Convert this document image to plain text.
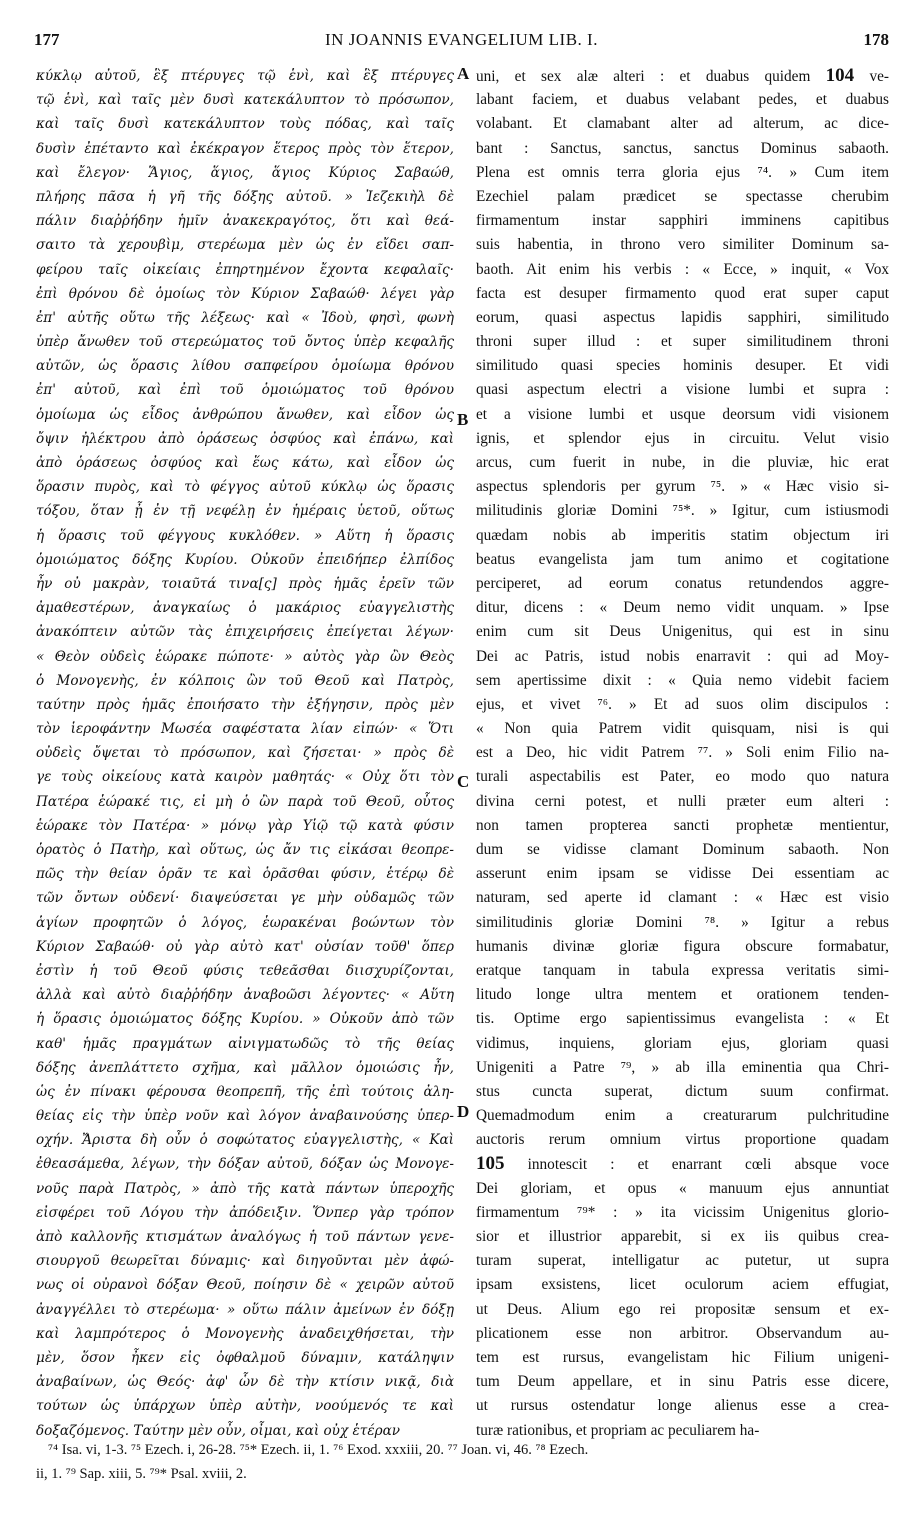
177	IN JOANNIS EVANGELIUM LIB. I.	178
κύκλῳ αὐτοῦ, ἓξ πτέρυγες τῷ ἑνὶ, καὶ ἓξ πτέρυγες
τῷ ἑνὶ, καὶ ταῖς μὲν δυσὶ κατεκάλυπτον τὸ πρόσωπον,
καὶ ταῖς δυσὶ κατεκάλυπτον τοὺς πόδας, καὶ ταῖς
δυσὶν ἐπέταντο καὶ ἐκέκραγον ἕτερος πρὸς τὸν ἕτερον,
καὶ ἔλεγον· Ἅγιος, ἅγιος, ἅγιος Κύριος Σαβαώθ,
πλήρης πᾶσα ἡ γῆ τῆς δόξης αὐτοῦ. » Ἰεζεκιὴλ δὲ
πάλιν διαῤῥήδην ἡμῖν ἀνακεκραγότος, ὅτι καὶ θεά-
σαιτο τὰ χερουβὶμ, στερέωμα μὲν ὡς ἐν εἴδει σαπ-
φείρου ταῖς οἰκείαις ἐπηρτημένον ἔχοντα κεφαλαῖς·
ἐπὶ θρόνου δὲ ὁμοίως τὸν Κύριον Σαβαώθ· λέγει γὰρ
ἐπ' αὐτῆς οὕτω τῆς λέξεως· καὶ « Ἰδοὺ, φησὶ, φωνὴ
ὑπὲρ ἄνωθεν τοῦ στερεώματος τοῦ ὄντος ὑπὲρ κεφαλῆς
αὐτῶν, ὡς ὅρασις λίθου σαπφείρου ὁμοίωμα θρόνου
ἐπ' αὐτοῦ, καὶ ἐπὶ τοῦ ὁμοιώματος τοῦ θρόνου
ὁμοίωμα ὡς εἶδος ἀνθρώπου ἄνωθεν, καὶ εἶδον ὡς
ὄψιν ἠλέκτρου ἀπὸ ὁράσεως ὀσφύος καὶ ἐπάνω, καὶ
ἀπὸ ὁράσεως ὀσφύος καὶ ἕως κάτω, καὶ εἶδον ὡς
ὅρασιν πυρὸς, καὶ τὸ φέγγος αὐτοῦ κύκλῳ ὡς ὅρασις
τόξου, ὅταν ᾖ ἐν τῇ νεφέλῃ ἐν ἡμέραις ὑετοῦ, οὕτως
ἡ ὅρασις τοῦ φέγγους κυκλόθεν. » Αὕτη ἡ ὅρασις
ὁμοιώματος δόξης Κυρίου. Οὐκοῦν ἐπειδήπερ ἐλπίδος
ἦν οὐ μακρὰν, τοιαῦτά τινα[ς] πρὸς ἡμᾶς ἐρεῖν τῶν
ἀμαθεστέρων, ἀναγκαίως ὁ μακάριος εὐαγγελιστὴς
ἀνακόπτειν αὐτῶν τὰς ἐπιχειρήσεις ἐπείγεται λέγων·
« Θεὸν οὐδεὶς ἑώρακε πώποτε· » αὐτὸς γὰρ ὢν Θεὸς
ὁ Μονογενὴς, ἐν κόλποις ὢν τοῦ Θεοῦ καὶ Πατρὸς,
ταύτην πρὸς ἡμᾶς ἐποιήσατο τὴν ἐξήγησιν, πρὸς μὲν
τὸν ἱεροφάντην Μωσέα σαφέστατα λίαν εἰπών· « Ὅτι
οὐδεὶς ὄψεται τὸ πρόσωπον, καὶ ζήσεται· » πρὸς δὲ
γε τοὺς οἰκείους κατὰ καιρὸν μαθητάς· « Οὐχ ὅτι τὸν
Πατέρα ἑώρακέ τις, εἰ μὴ ὁ ὢν παρὰ τοῦ Θεοῦ, οὗτος
ἑώρακε τὸν Πατέρα· » μόνῳ γὰρ Υἱῷ τῷ κατὰ φύσιν
ὁρατὸς ὁ Πατὴρ, καὶ οὕτως, ὡς ἄν τις εἰκάσαι θεοπρε-
πῶς τὴν θείαν ὁρᾶν τε καὶ ὁρᾶσθαι φύσιν, ἑτέρῳ δὲ
τῶν ὄντων οὐδενί· διαψεύσεται γε μὴν οὐδαμῶς τῶν
ἁγίων προφητῶν ὁ λόγος, ἑωρακέναι βοώντων τὸν
Κύριον Σαβαώθ· οὐ γὰρ αὐτὸ κατ' οὐσίαν τοῦθ' ὅπερ
ἐστὶν ἡ τοῦ Θεοῦ φύσις τεθεᾶσθαι διισχυρίζονται,
ἀλλὰ καὶ αὐτὸ διαῤῥήδην ἀναβοῶσι λέγοντες· « Αὕτη
ἡ ὅρασις ὁμοιώματος δόξης Κυρίου. » Οὐκοῦν ἀπὸ τῶν
καθ' ἡμᾶς πραγμάτων αἰνιγματωδῶς τὸ τῆς θείας
δόξης ἀνεπλάττετο σχῆμα, καὶ μᾶλλον ὁμοιώσις ἦν,
ὡς ἐν πίνακι φέρουσα θεοπρεπῆ, τῆς ἐπὶ τούτοις ἀλη-
θείας εἰς τὴν ὑπὲρ νοῦν καὶ λόγον ἀναβαινούσης ὑπερ-
οχήν. Ἄριστα δὴ οὖν ὁ σοφώτατος εὐαγγελιστὴς, « Καὶ
ἐθεασάμεθα, λέγων, τὴν δόξαν αὐτοῦ, δόξαν ὡς Μονογε-
νοῦς παρὰ Πατρὸς, » ἀπὸ τῆς κατὰ πάντων ὑπεροχῆς
εἰσφέρει τοῦ Λόγου τὴν ἀπόδειξιν. Ὅνπερ γὰρ τρόπον
ἀπὸ καλλονῆς κτισμάτων ἀναλόγως ἡ τοῦ πάντων γενε-
σιουργοῦ θεωρεῖται δύναμις· καὶ διηγοῦνται μὲν ἀφώ-
νως οἱ οὐρανοὶ δόξαν Θεοῦ, ποίησιν δὲ « χειρῶν αὐτοῦ
ἀναγγέλλει τὸ στερέωμα· » οὕτω πάλιν ἀμείνων ἐν δόξῃ
καὶ λαμπρότερος ὁ Μονογενὴς ἀναδειχθήσεται, τὴν
μὲν, ὅσον ἦκεν εἰς ὀφθαλμοῦ δύναμιν, κατάληψιν
ἀναβαίνων, ὡς Θεός· ἀφ' ὧν δὲ τὴν κτίσιν νικᾷ, διὰ
τούτων ὡς ὑπάρχων ὑπὲρ αὐτὴν, νοούμενός τε καὶ
δοξαζόμενος. Ταύτην μὲν οὖν, οἶμαι, καὶ οὐχ ἑτέραν
uni, et sex alæ alteri : et duabus quidem 104 ve-
labant faciem, et duabus velabant pedes, et duabus
volabant. Et clamabant alter ad alterum, ac dice-
bant : Sanctus, sanctus, sanctus Dominus sabaoth.
Plena est omnis terra gloria ejus ⁷⁴. » Cum item
Ezechiel palam prædicet se spectasse cherubim
firmamentum instar sapphiri imminens capitibus
suis habentia, in throno vero similiter Dominum sa-
baoth. Ait enim his verbis : « Ecce, » inquit, « Vox
facta est desuper firmamento quod erat super caput
eorum, quasi aspectus lapidis sapphiri, similitudo
throni super illud : et super similitudinem throni
similitudo quasi species hominis desuper. Et vidi
quasi aspectum electri a visione lumbi et supra :
et a visione lumbi et usque deorsum vidi visionem
ignis, et splendor ejus in circuitu. Velut visio
arcus, cum fuerit in nube, in die pluviæ, hic erat
aspectus splendoris per gyrum ⁷⁵. » « Hæc visio si-
militudinis gloriæ Domini ⁷⁵*. » Igitur, cum istiusmodi
quædam nobis ab imperitis statim objectum iri
beatus evangelista jam tum animo et cogitatione
perciperet, ad eorum conatus retundendos aggre-
ditur, dicens : « Deum nemo vidit unquam. » Ipse
enim cum sit Deus Unigenitus, qui est in sinu
Dei ac Patris, istud nobis enarravit : qui ad Moy-
sem apertissime dixit : « Quia nemo videbit faciem
ejus, et vivet ⁷⁶. » Et ad suos olim discipulos :
« Non quia Patrem vidit quisquam, nisi is qui
est a Deo, hic vidit Patrem ⁷⁷. » Soli enim Filio na-
turali aspectabilis est Pater, eo modo quo natura
divina cerni potest, et nulli præter eum alteri :
non tamen propterea sancti prophetæ mentientur,
dum se vidisse clamant Dominum sabaoth. Non
asserunt enim ipsam se vidisse Dei essentiam ac
naturam, sed aperte id clamant : « Hæc est visio
similitudinis gloriæ Domini ⁷⁸. » Igitur a rebus
humanis divinæ gloriæ figura obscure formabatur,
eratque tanquam in tabula expressa veritatis simi-
litudo longe ultra mentem et orationem tenden-
tis. Optime ergo sapientissimus evangelista : « Et
vidimus, inquiens, gloriam ejus, gloriam quasi
Unigeniti a Patre ⁷⁹, » ab illa eminentia qua Chri-
stus cuncta superat, dictum suum confirmat.
Quemadmodum enim a creaturarum pulchritudine
auctoris rerum omnium virtus proportione quadam
105 innotescit : et enarrant cœli absque voce
Dei gloriam, et opus « manuum ejus annuntiat
firmamentum ⁷⁹* : » ita vicissim Unigenitus glorio-
sior et illustrior apparebit, si ex iis quibus crea-
turam superat, intelligatur ac putetur, ut supra
ipsam exsistens, licet oculorum aciem effugiat,
ut Deus. Alium ego rei propositæ sensum et ex-
plicationem esse non arbitror. Observandum au-
tem est rursus, evangelistam hic Filium unigeni-
tum Deum appellare, et in sinu Patris esse dicere,
ut rursus ostendatur longe alienus esse a crea-
turæ rationibus, et propriam ac peculiarem ha-
A
B
C
D
⁷⁴ Isa. vi, 1-3. ⁷⁵ Ezech. i, 26-28. ⁷⁵* Ezech. ii, 1. ⁷⁶ Exod. xxxiii, 20. ⁷⁷ Joan. vi, 46. ⁷⁸ Ezech.
ii, 1. ⁷⁹ Sap. xiii, 5. ⁷⁹* Psal. xviii, 2.
